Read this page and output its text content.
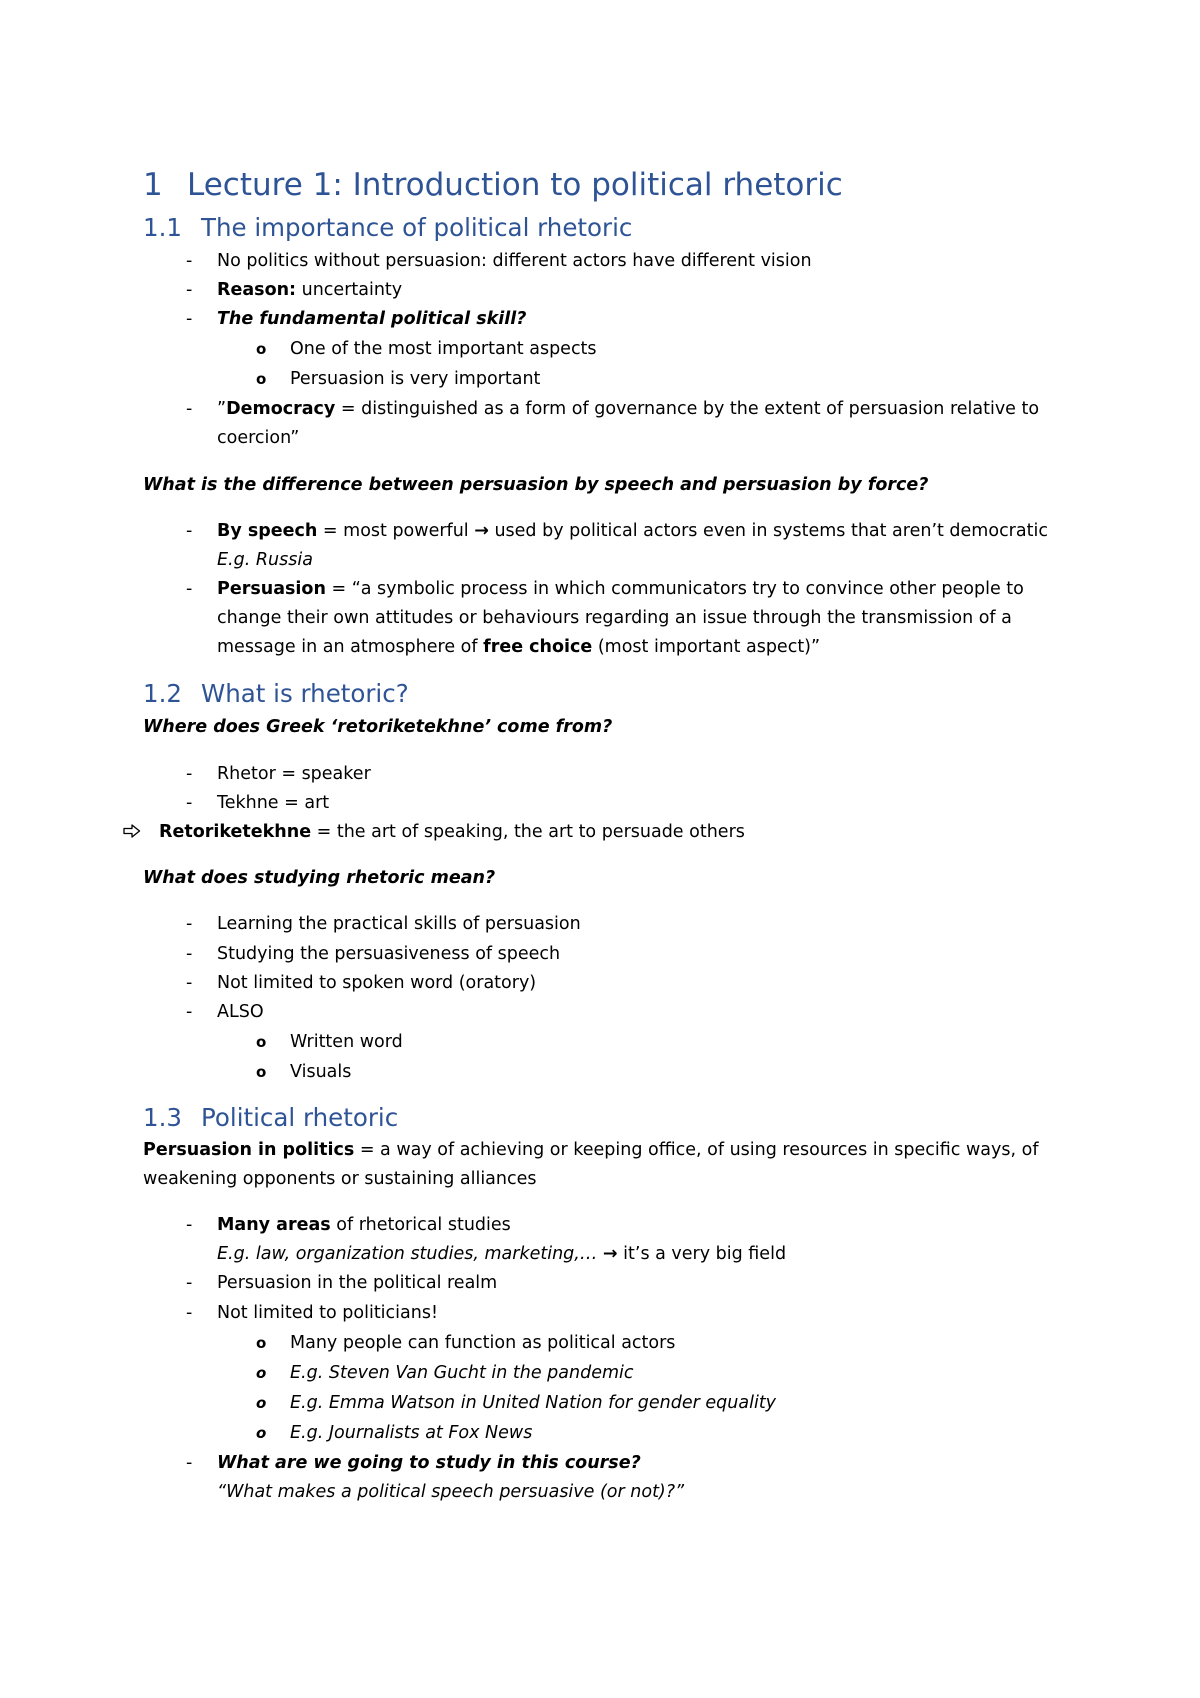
1 Lecture 1: Introduction to political rhetoric
1.1 The importance of political rhetoric
- No politics without persuasion: different actors have different vision
- Reason: uncertainty
- The fundamental political skill?
o One of the most important aspects
o Persuasion is very important
- ”Democracy = distinguished as a form of governance by the extent of persuasion relative to
coercion”
What is the difference between persuasion by speech and persuasion by force?
- By speech = most powerful → used by political actors even in systems that aren’t democratic
E.g. Russia
- Persuasion = “a symbolic process in which communicators try to convince other people to
change their own attitudes or behaviours regarding an issue through the transmission of a
message in an atmosphere of free choice (most important aspect)”
1.2 What is rhetoric?
Where does Greek ‘retoriketekhne’ come from?
- Rhetor = speaker
- Tekhne = art
Retoriketekhne = the art of speaking, the art to persuade others
What does studying rhetoric mean?
- Learning the practical skills of persuasion
- Studying the persuasiveness of speech
- Not limited to spoken word (oratory)
- ALSO
o Written word
o Visuals
1.3 Political rhetoric
Persuasion in politics = a way of achieving or keeping office, of using resources in specific ways, of
weakening opponents or sustaining alliances
- Many areas of rhetorical studies
E.g. law, organization studies, marketing,… → it’s a very big field
- Persuasion in the political realm
- Not limited to politicians!
o Many people can function as political actors
o E.g. Steven Van Gucht in the pandemic
o E.g. Emma Watson in United Nation for gender equality
o E.g. Journalists at Fox News
- What are we going to study in this course?
“What makes a political speech persuasive (or not)?”
